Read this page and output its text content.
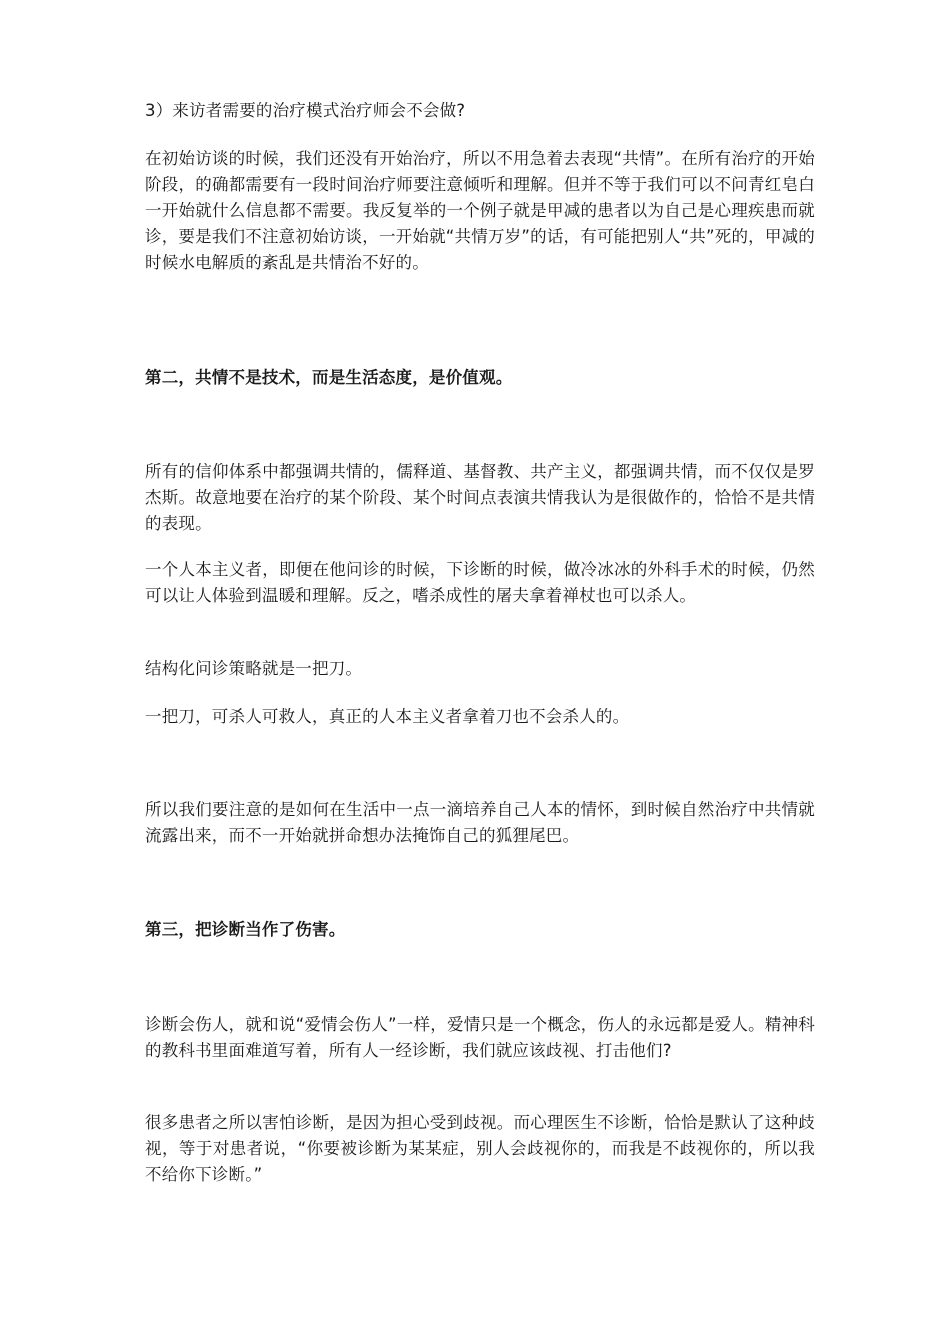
3）来访者需要的治疗模式治疗师会不会做?

在初始访谈的时候，我们还没有开始治疗，所以不用急着去表现“共情”。在所有治疗的开始阶段，的确都需要有一段时间治疗师要注意倾听和理解。但并不等于我们可以不问青红皂白一开始就什么信息都不需要。我反复举的一个例子就是甲减的患者以为自己是心理疾患而就诊，要是我们不注意初始访谈，一开始就“共情万岁”的话，有可能把别人“共”死的，甲减的时候水电解质的紊乱是共情治不好的。

第二，共情不是技术，而是生活态度，是价值观。

所有的信仰体系中都强调共情的，儒释道、基督教、共产主义，都强调共情，而不仅仅是罗杰斯。故意地要在治疗的某个阶段、某个时间点表演共情我认为是很做作的，恰恰不是共情的表现。

一个人本主义者，即便在他问诊的时候，下诊断的时候，做冷冰冰的外科手术的时候，仍然可以让人体验到温暖和理解。反之，嗜杀成性的屠夫拿着禅杖也可以杀人。

结构化问诊策略就是一把刀。

一把刀，可杀人可救人，真正的人本主义者拿着刀也不会杀人的。

所以我们要注意的是如何在生活中一点一滴培养自己人本的情怀，到时候自然治疗中共情就流露出来，而不一开始就拼命想办法掩饰自己的狐狸尾巴。

第三，把诊断当作了伤害。

诊断会伤人，就和说“爱情会伤人”一样，爱情只是一个概念，伤人的永远都是爱人。精神科的教科书里面难道写着，所有人一经诊断，我们就应该歧视、打击他们?

很多患者之所以害怕诊断，是因为担心受到歧视。而心理医生不诊断，恰恰是默认了这种歧视，等于对患者说，“你要被诊断为某某症，别人会歧视你的，而我是不歧视你的，所以我不给你下诊断。”
